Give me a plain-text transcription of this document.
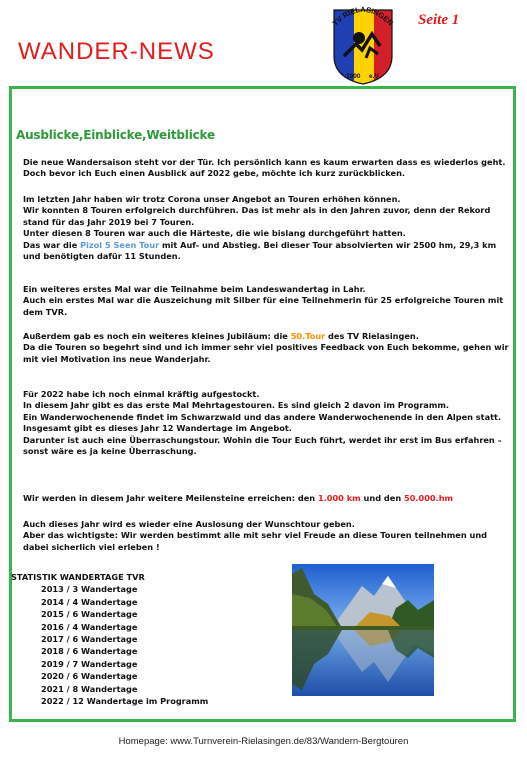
WANDER-NEWS
TV RIELASINGEN
1900 e.V.
Seite 1
Ausblicke,Einblicke,Weitblicke
Die neue Wandersaison steht vor der Tür. Ich persönlich kann es kaum erwarten dass es wiederlos geht. Doch bevor ich Euch einen Ausblick auf 2022 gebe, möchte ich kurz zurückblicken.
Im letzten Jahr haben wir trotz Corona unser Angebot an Touren erhöhen können.
Wir konnten 8 Touren erfolgreich durchführen. Das ist mehr als in den Jahren zuvor, denn der Rekord stand für das Jahr 2019 bei 7 Touren.
Unter diesen 8 Touren war auch die Härteste, die wie bislang durchgeführt hatten.
Das war die Pizol 5 Seen Tour mit Auf- und Abstieg. Bei dieser Tour absolvierten wir 2500 hm, 29,3 km und benötigten dafür 11 Stunden.
Ein weiteres erstes Mal war die Teilnahme beim Landeswandertag in Lahr.
Auch ein erstes Mal war die Auszeichung mit Silber für eine Teilnehmerin für 25 erfolgreiche Touren mit dem TVR.
Außerdem gab es noch ein weiteres kleines Jubiläum: die 50.Tour des TV Rielasingen.
Da die Touren so begehrt sind und ich immer sehr viel positives Feedback von Euch bekomme, gehen wir mit viel Motivation ins neue Wanderjahr.
Für 2022 habe ich noch einmal kräftig aufgestockt.
In diesem Jahr gibt es das erste Mal Mehrtagestouren. Es sind gleich 2 davon im Programm.
Ein Wanderwochenende findet im Schwarzwald und das andere Wanderwochenende in den Alpen statt.
Insgesamt gibt es dieses Jahr 12 Wandertage im Angebot.
Darunter ist auch eine Überraschungstour. Wohin die Tour Euch führt, werdet ihr erst im Bus erfahren – sonst wäre es ja keine Überraschung.
Wir werden in diesem Jahr weitere Meilensteine erreichen: den 1.000 km und den 50.000.hm
Auch dieses Jahr wird es wieder eine Auslosung der Wunschtour geben.
Aber das wichtigste: Wir werden bestimmt alle mit sehr viel Freude an diese Touren teilnehmen und dabei sicherlich viel erleben !
STATISTIK WANDERTAGE TVR
2013 / 3 Wandertage
2014 / 4 Wandertage
2015 / 6 Wandertage
2016 / 4 Wandertage
2017 / 6 Wandertage
2018 / 6 Wandertage
2019 / 7 Wandertage
2020 / 6 Wandertage
2021 / 8 Wandertage
2022 / 12 Wandertage im Programm
Homepage: www.Turnverein-Rielasingen.de/83/Wandern-Bergtouren
